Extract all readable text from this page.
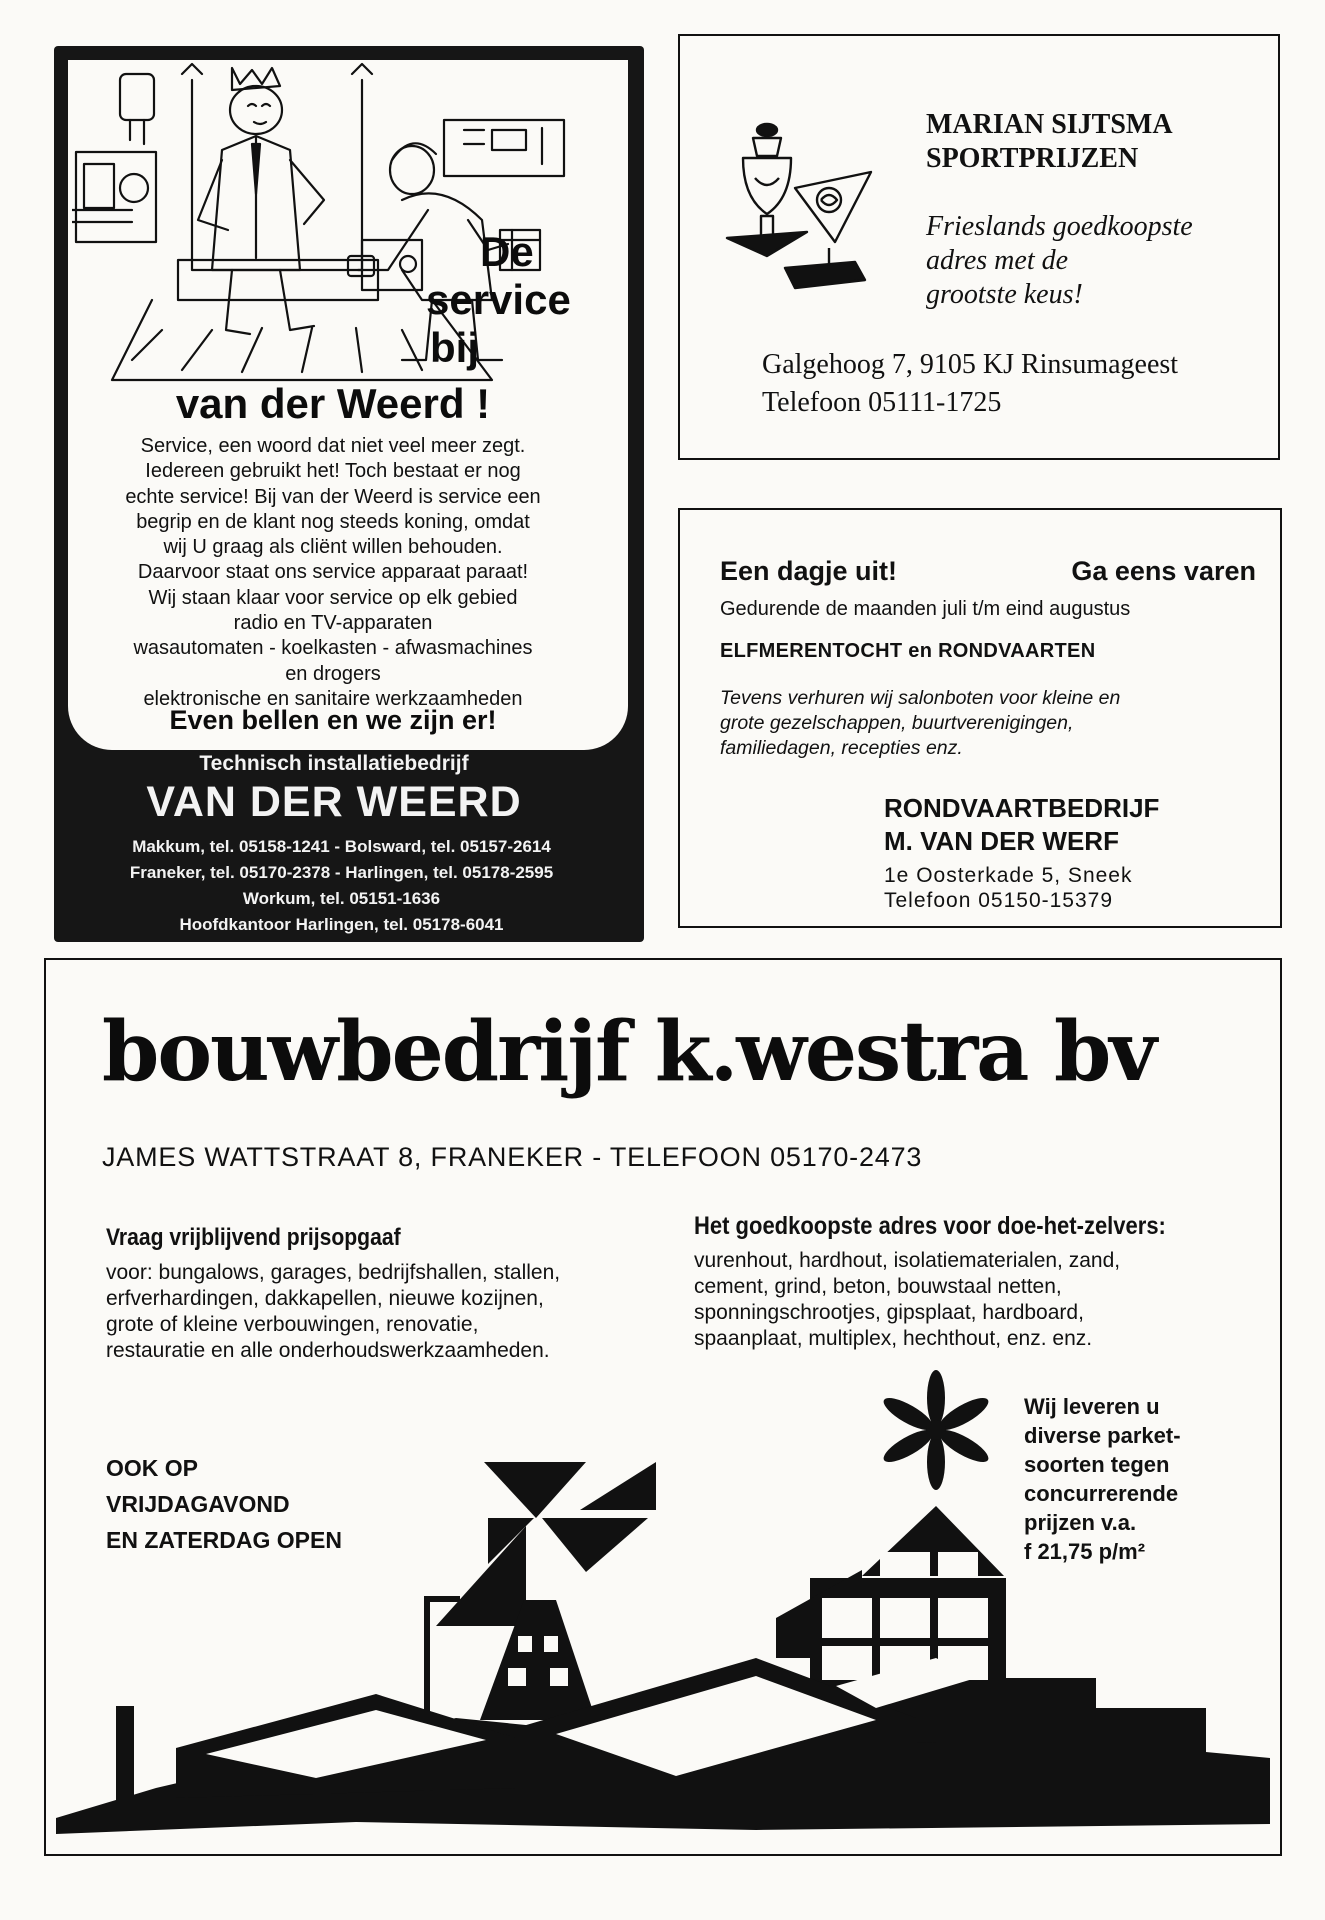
De
service
bij
van der Weerd !
Service, een woord dat niet veel meer zegt.
Iedereen gebruikt het! Toch bestaat er nog
echte service! Bij van der Weerd is service een
begrip en de klant nog steeds koning, omdat
wij U graag als cliënt willen behouden.
Daarvoor staat ons service apparaat paraat!
Wij staan klaar voor service op elk gebied
radio en TV-apparaten
wasautomaten - koelkasten - afwasmachines
en drogers
elektronische en sanitaire werkzaamheden
Even bellen en we zijn er!
Technisch installatiebedrijf
VAN DER WEERD
Makkum, tel. 05158-1241 - Bolsward, tel. 05157-2614
Franeker, tel. 05170-2378 - Harlingen, tel. 05178-2595
Workum, tel. 05151-1636
Hoofdkantoor Harlingen, tel. 05178-6041
MARIAN SIJTSMA
SPORTPRIJZEN
Frieslands goedkoopste
adres met de
grootste keus!
Galgehoog 7, 9105 KJ Rinsumageest
Telefoon 05111-1725
Een dagje uit!	Ga eens varen
Gedurende de maanden juli t/m eind augustus
ELFMERENTOCHT en RONDVAARTEN
Tevens verhuren wij salonboten voor kleine en
grote gezelschappen, buurtverenigingen,
familiedagen, recepties enz.
RONDVAARTBEDRIJF
M. VAN DER WERF
1e Oosterkade 5, Sneek
Telefoon 05150-15379
bouwbedrijf k.westra bv
JAMES WATTSTRAAT 8, FRANEKER - TELEFOON 05170-2473
Vraag vrijblijvend prijsopgaaf
voor: bungalows, garages, bedrijfshallen, stallen,
erfverhardingen, dakkapellen, nieuwe kozijnen,
grote of kleine verbouwingen, renovatie,
restauratie en alle onderhoudswerkzaamheden.
Het goedkoopste adres voor doe-het-zelvers:
vurenhout, hardhout, isolatiematerialen, zand,
cement, grind, beton, bouwstaal netten,
sponningschrootjes, gipsplaat, hardboard,
spaanplaat, multiplex, hechthout, enz. enz.
OOK OP
VRIJDAGAVOND
EN ZATERDAG OPEN
Wij leveren u
diverse parket-
soorten tegen
concurrerende
prijzen v.a.
f 21,75 p/m²
